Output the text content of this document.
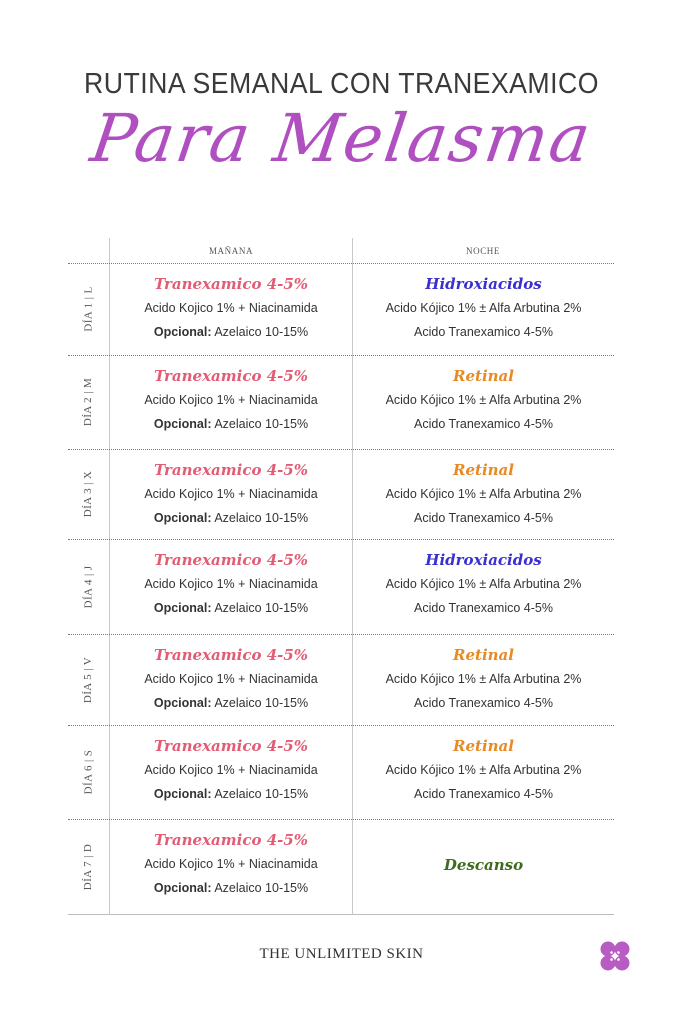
RUTINA SEMANAL CON TRANEXAMICO
Para Melasma
MAÑANA	NOCHE
DÍA 1 | L
Tranexamico 4-5%
Acido Kojico 1% + Niacinamida
Opcional: Azelaico 10-15%
Hidroxiacidos
Acido Kójico 1% ± Alfa Arbutina 2%
Acido Tranexamico 4-5%
DÍA 2 | M
Tranexamico 4-5%
Acido Kojico 1% + Niacinamida
Opcional: Azelaico 10-15%
Retinal
Acido Kójico 1% ± Alfa Arbutina 2%
Acido Tranexamico 4-5%
DÍA 3 | X
Tranexamico 4-5%
Acido Kojico 1% + Niacinamida
Opcional: Azelaico 10-15%
Retinal
Acido Kójico 1% ± Alfa Arbutina 2%
Acido Tranexamico 4-5%
DÍA 4 | J
Tranexamico 4-5%
Acido Kojico 1% + Niacinamida
Opcional: Azelaico 10-15%
Hidroxiacidos
Acido Kójico 1% ± Alfa Arbutina 2%
Acido Tranexamico 4-5%
DÍA 5 | V
Tranexamico 4-5%
Acido Kojico 1% + Niacinamida
Opcional: Azelaico 10-15%
Retinal
Acido Kójico 1% ± Alfa Arbutina 2%
Acido Tranexamico 4-5%
DÍA 6 | S
Tranexamico 4-5%
Acido Kojico 1% + Niacinamida
Opcional: Azelaico 10-15%
Retinal
Acido Kójico 1% ± Alfa Arbutina 2%
Acido Tranexamico 4-5%
DÍA 7 | D
Tranexamico 4-5%
Acido Kojico 1% + Niacinamida
Opcional: Azelaico 10-15%
Descanso
THE UNLIMITED SKIN
